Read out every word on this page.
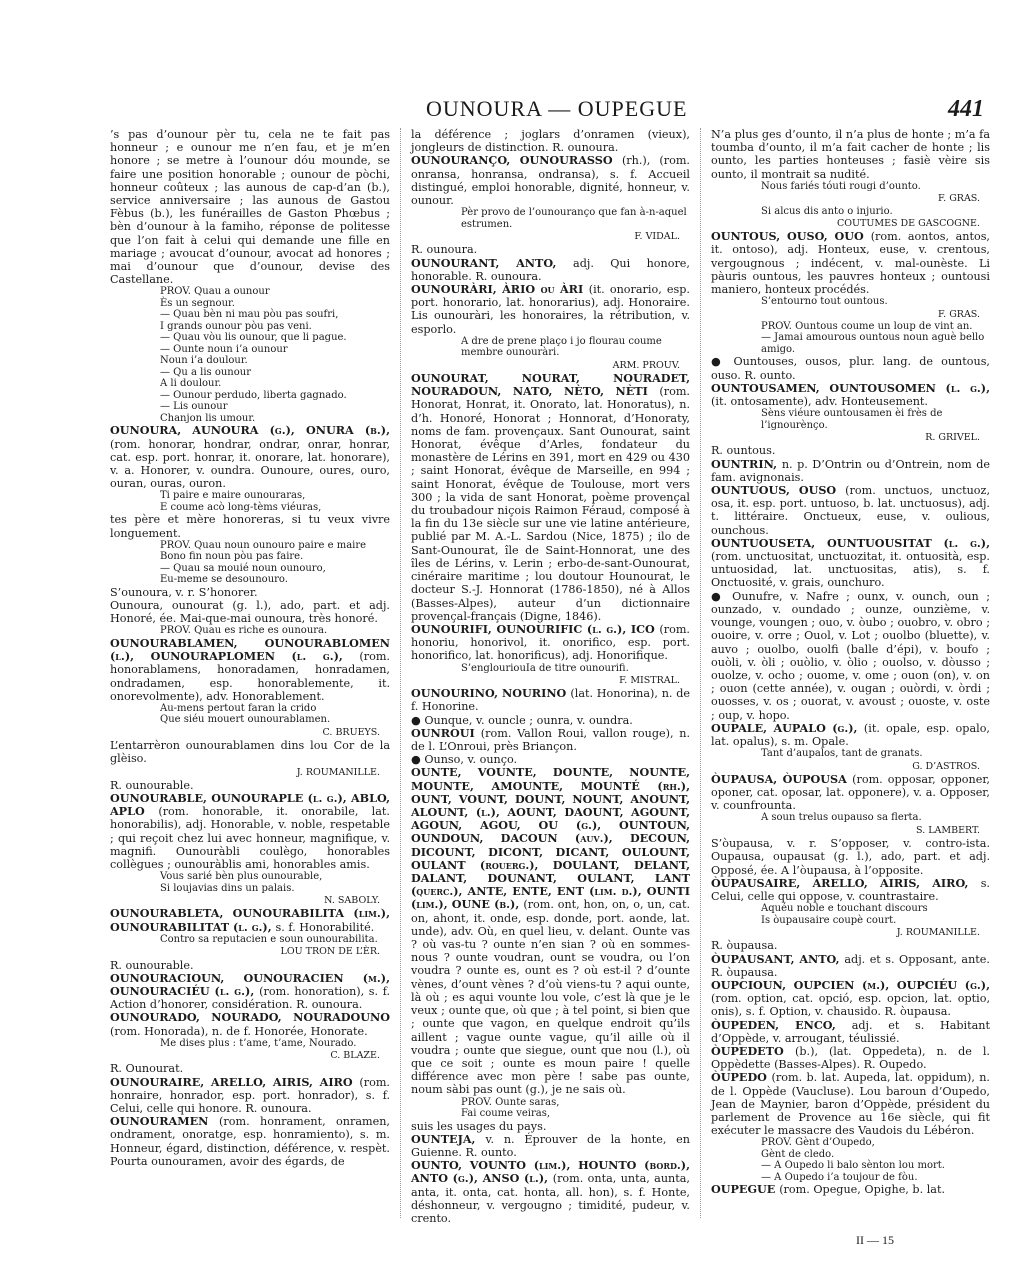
OUNOURA — OUPEGUE	441

’s pas d’ounour pèr tu, cela ne te fait pas honneur ; e ounour me n’en fau, et je m’en honore ; se metre à l’ounour dóu mounde, se faire une position honorable ; ounour de pòchi, honneur coûteux ; las aunous de cap-d’an (b.), service anniversaire ; las aunous de Gastou Fèbus (b.), les funérailles de Gaston Phœbus ; bèn d’ounour à la famiho, réponse de politesse que l’on fait à celui qui demande une fille en mariage ; avoucat d’ounour, avocat ad honores ; mai d’ounour que d’ounour, devise des Castellane.

PROV. Quau a ounour
Ès un segnour.
— Quau bèn ni mau pòu pas soufri,
I grands ounour pòu pas veni.
— Quau vòu lis ounour, que li pague.
— Ounte noun i’a ounour
Noun i’a doulour.
— Qu a lis ounour
A li doulour.
— Ounour perdudo, liberta gagnado.
— Lis ounour
Chanjon lis umour.

OUNOURA, AUNOURA (g.), ONURA (b.), (rom. honorar, hondrar, ondrar, onrar, honrar, cat. esp. port. honrar, it. onorare, lat. honorare), v. a. Honorer, v. oundra. Ounoure, oures, ouro, ouran, ouras, ouron.

Ti paire e maire ounouraras,
E coume acò long-tèms viéuras,

tes père et mère honoreras, si tu veux vivre longuement.

PROV. Quau noun ounouro paire e maire
Bono fin noun pòu pas faire.
— Quau sa mouié noun ounouro,
Eu-meme se desounouro.

S’ounoura, v. r. S’honorer.

Ounoura, ounourat (g. l.), ado, part. et adj. Honoré, ée. Mai-que-mai ounoura, très honoré.

PROV. Quau es riche es ounoura.

OUNOURABLAMEN, OUNOURABLOMEN (l.), OUNOURAPLOMEN (l. g.), (rom. honorablamens, honoradamen, honradamen, ondradamen, esp. honorablemente, it. onorevolmente), adv. Honorablement.

Au-mens pertout faran la crido
Que siéu mouert ounourablamen.

C. BRUEYS.

L’entarrèron ounourablamen dins lou Cor de la glèiso.

J. ROUMANILLE.

R. ounourable.

OUNOURABLE, OUNOURAPLE (l. g.), ABLO, APLO (rom. honorable, it. onorabile, lat. honorabilis), adj. Honorable, v. noble, respetable ; qui reçoit chez lui avec honneur, magnifique, v. magnifi. Ounouràbli coulègo, honorables collègues ; ounouràblis ami, honorables amis.

Vous sarié bèn plus ounourable,
Si loujavias dins un palais.

N. SABOLY.

OUNOURABLETA, OUNOURABILITA (lim.), OUNOURABILITAT (l. g.), s. f. Honorabilité.

Contro sa reputacien e soun ounourabilita.

LOU TRON DE L’ÈR.

R. ounourable.

OUNOURACIOUN, OUNOURACIEN (m.), OUNOURACIÉU (l. g.), (rom. honoration), s. f. Action d’honorer, considération. R. ounoura.

OUNOURADO, NOURADO, NOURADOUNO (rom. Honorada), n. de f. Honorée, Honorate.

Me dises plus : t’ame, t’ame, Nourado.

C. BLAZE.

R. Ounourat.

OUNOURAIRE, ARELLO, AIRIS, AIRO (rom. honraire, honrador, esp. port. honrador), s. f. Celui, celle qui honore. R. ounoura.

OUNOURAMEN (rom. honrament, onramen, ondrament, onoratge, esp. honramiento), s. m. Honneur, égard, distinction, déférence, v. respèt. Pourta ounouramen, avoir des égards, de

la déférence ; joglars d’onramen (vieux), jongleurs de distinction. R. ounoura.

OUNOURANÇO, OUNOURASSO (rh.), (rom. onransa, honransa, ondransa), s. f. Accueil distingué, emploi honorable, dignité, honneur, v. ounour.

Pèr provo de l’ounouranço que fan à-n-aquel estrumen.

F. VIDAL.

R. ounoura.

OUNOURANT, ANTO, adj. Qui honore, honorable. R. ounoura.

OUNOURÀRI, ÀRIO ou ÀRI (it. onorario, esp. port. honorario, lat. honorarius), adj. Honoraire. Lis ounouràri, les honoraires, la rétribution, v. esporlo.

A dre de prene plaço i jo flourau coume membre ounouràri.

ARM. PROUV.

OUNOURAT, NOURAT, NOURADET, NOURADOUN, NATO, NÈTO, NÈTI (rom. Honorat, Honrat, it. Onorato, lat. Honoratus), n. d’h. Honoré, Honorat ; Honnorat, d’Honoraty, noms de fam. provençaux. Sant Ounourat, saint Honorat, évêque d’Arles, fondateur du monastère de Lérins en 391, mort en 429 ou 430 ; saint Honorat, évêque de Marseille, en 994 ; saint Honorat, évêque de Toulouse, mort vers 300 ; la vida de sant Honorat, poème provençal du troubadour niçois Raimon Féraud, composé à la fin du 13e siècle sur une vie latine antérieure, publié par M. A.-L. Sardou (Nice, 1875) ; ilo de Sant-Ounourat, île de Saint-Honnorat, une des îles de Lérins, v. Lerin ; erbo-de-sant-Ounourat, cinéraire maritime ; lou doutour Hounourat, le docteur S.-J. Honnorat (1786-1850), né à Allos (Basses-Alpes), auteur d’un dictionnaire provençal-français (Digne, 1846).

OUNOURIFI, OUNOURIFIC (l. g.), ICO (rom. honoriu, honorivol, it. onorifico, esp. port. honorifico, lat. honorificus), adj. Honorifique.

S’englouriouIa de titre ounourifi.

F. MISTRAL.

OUNOURINO, NOURINO (lat. Honorina), n. de f. Honorine.

● Ounque, v. ouncle ; ounra, v. oundra.

OUNROUI (rom. Vallon Roui, vallon rouge), n. de l. L’Onroui, près Briançon.

● Ounso, v. ounço.

OUNTE, VOUNTE, DOUNTE, NOUNTE, MOUNTE, AMOUNTE, MOUNTÉ (rh.), OUNT, VOUNT, DOUNT, NOUNT, ANOUNT, ALOUNT, (l.), AOUNT, DAOUNT, AGOUNT, AGOUN, AGOU, OU (g.), OUNTOUN, OUNDOUN, DACOUN (auv.), DECOUN, DICOUNT, DICONT, DICANT, OULOUNT, OULANT (rouerg.), DOULANT, DELANT, DALANT, DOUNANT, OULANT, LANT (querc.), ANTE, ENTE, ENT (lim. d.), OUNTI (lim.), OUNE (b.), (rom. ont, hon, on, o, un, cat. on, ahont, it. onde, esp. donde, port. aonde, lat. unde), adv. Où, en quel lieu, v. delant. Ounte vas ? où vas-tu ? ounte n’en sian ? où en sommes-nous ? ounte voudran, ount se voudra, ou l’on voudra ? ounte es, ount es ? où est-il ? d’ounte vènes, d’ount vènes ? d’où viens-tu ? aqui ounte, là où ; es aqui vounte lou vole, c’est là que je le veux ; ounte que, où que ; à tel point, si bien que ; ounte que vagon, en quelque endroit qu’ils aillent ; vague ounte vague, qu’il aille où il voudra ; ounte que siegue, ount que nou (l.), où que ce soit ; ounte es moun paire ! quelle différence avec mon père ! sabe pas ounte, noum sàbi pas ount (g.), je ne sais où.

PROV. Ounte saras,
Fai coume veiras,

suis les usages du pays.

OUNTEJA, v. n. Éprouver de la honte, en Guienne. R. ounto.

OUNTO, VOUNTO (lim.), HOUNTO (bord.), ANTO (g.), ANSO (l.), (rom. onta, unta, aunta, anta, it. onta, cat. honta, all. hon), s. f. Honte, déshonneur, v. vergougno ; timidité, pudeur, v. crento.

N’a plus ges d’ounto, il n’a plus de honte ; m’a fa toumba d’ounto, il m’a fait cacher de honte ; lis ounto, les parties honteuses ; fasiè vèire sis ounto, il montrait sa nudité.

Nous fariés tóuti rougi d’ounto.

F. GRAS.

Si alcus dis anto o injurio.

COUTUMES DE GASCOGNE.

OUNTOUS, OUSO, OUO (rom. aontos, antos, it. ontoso), adj. Honteux, euse, v. crentous, vergougnous ; indécent, v. mal-ounèste. Li pàuris ountous, les pauvres honteux ; ountousi maniero, honteux procédés.

S’entourno tout ountous.

F. GRAS.

PROV. Ountous coume un loup de vint an.
— Jamai amourous ountous noun aguè bello amigo.

● Ountouses, ousos, plur. lang. de ountous, ouso. R. ounto.

OUNTOUSAMEN, OUNTOUSOMEN (l. g.), (it. ontosamente), adv. Honteusement.

Sèns viéure ountousamen èi frès de l’ignourènço.

R. GRIVEL.

R. ountous.

OUNTRIN, n. p. D’Ontrin ou d’Ontrein, nom de fam. avignonais.

OUNTUOUS, OUSO (rom. unctuos, unctuoz, osa, it. esp. port. untuoso, b. lat. unctuosus), adj. t. littéraire. Onctueux, euse, v. oulious, ounchous.

OUNTUOUSETA, OUNTUOUSITAT (l. g.), (rom. unctuositat, unctuozitat, it. ontuosità, esp. untuosidad, lat. unctuositas, atis), s. f. Onctuosité, v. grais, ounchuro.

● Ounufre, v. Nafre ; ounx, v. ounch, oun ; ounzado, v. oundado ; ounze, ounzième, v. vounge, voungen ; ouo, v. òubo ; ouobro, v. obro ; ouoire, v. orre ; Ouol, v. Lot ; ouolbo (bluette), v. auvo ; ouolbo, ouolfi (balle d’épi), v. boufo ; ouòli, v. òli ; ouòlio, v. òlio ; ouolso, v. dòusso ; ouolze, v. ocho ; ouome, v. ome ; ouon (on), v. on ; ouon (cette année), v. ougan ; ouòrdi, v. òrdi ; ouosses, v. os ; ouorat, v. avoust ; ouoste, v. oste ; oup, v. hopo.

OUPALE, AUPALO (g.), (it. opale, esp. opalo, lat. opalus), s. m. Opale.

Tant d’aupalos, tant de granats.

G. D’ASTROS.

ÒUPAUSA, ÒUPOUSA (rom. opposar, opponer, oponer, cat. oposar, lat. opponere), v. a. Opposer, v. counfrounta.

A soun trelus oupauso sa flerta.

S. LAMBERT.

S’òupausa, v. r. S’opposer, v. contro-ista. Oupausa, oupausat (g. l.), ado, part. et adj. Opposé, ée. A l’òupausa, à l’opposite.

ÒUPAUSAIRE, ARELLO, AIRIS, AIRO, s. Celui, celle qui oppose, v. countrastaire.

Aquéu noble e touchant discours
Is òupausaire coupè court.

J. ROUMANILLE.

R. òupausa.

ÒUPAUSANT, ANTO, adj. et s. Opposant, ante. R. òupausa.

OUPCIOUN, OUPCIEN (m.), OUPCIÉU (g.), (rom. option, cat. opció, esp. opcion, lat. optio, onis), s. f. Option, v. chausido. R. òupausa.

ÒUPEDEN, ENCO, adj. et s. Habitant d’Oppède, v. arrougant, téulissié.

ÒUPEDETO (b.), (lat. Oppedeta), n. de l. Oppèdette (Basses-Alpes). R. Oupedo.

ÒUPEDO (rom. b. lat. Aupeda, lat. oppidum), n. de l. Oppède (Vaucluse). Lou baroun d’Oupedo, Jean de Maynier, baron d’Oppède, président du parlement de Provence au 16e siècle, qui fit exécuter le massacre des Vaudois du Lébéron.

PROV. Gènt d’Oupedo,
Gènt de cledo.
— A Oupedo li balo sènton lou mort.
— A Oupedo i’a toujour de fòu.

OUPEGUE (rom. Opegue, Opighe, b. lat.

II — 15
